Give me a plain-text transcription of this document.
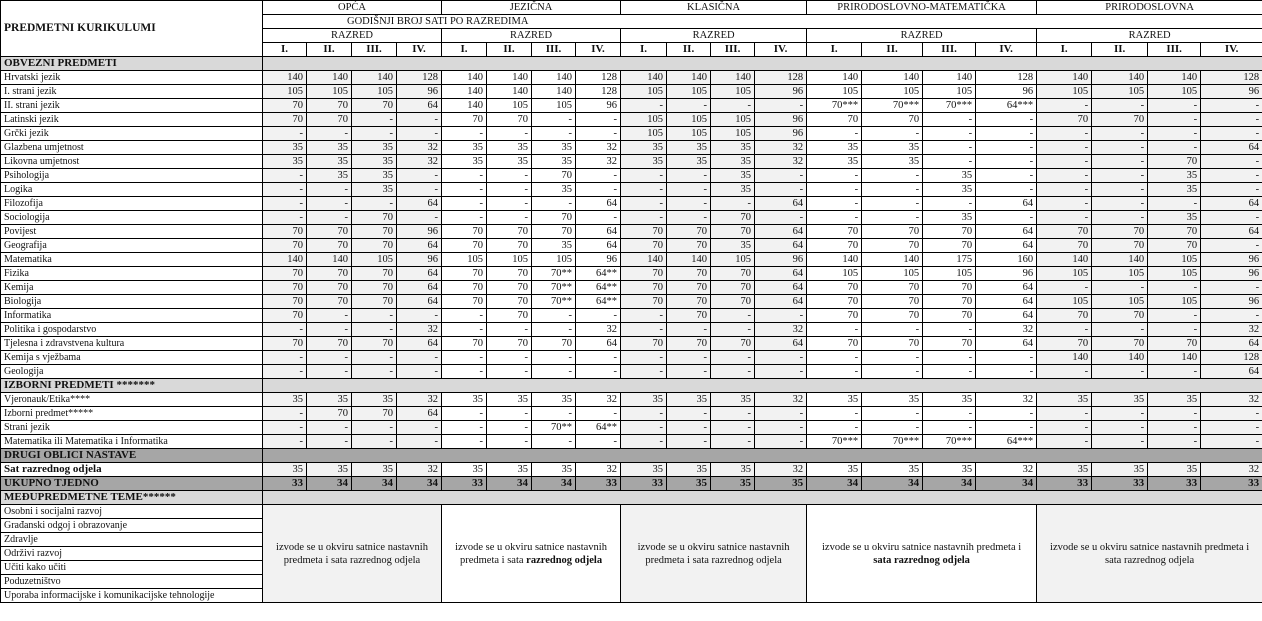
PREDMETNI KURIKULUMI	OPĆA				JEZIČNA				KLASIČNA				PRIRODOSLOVNO-MATEMATIČKA				PRIRODOSLOVNA			
	GODIŠNJI BROJ SATI PO RAZREDIMA																			
	RAZRED				RAZRED				RAZRED				RAZRED				RAZRED			
	I.	II.	III.	IV.	I.	II.	III.	IV.	I.	II.	III.	IV.	I.	II.	III.	IV.	I.	II.	III.	IV.
OBVEZNI PREDMETI																				
Hrvatski jezik	140	140	140	128	140	140	140	128	140	140	140	128	140	140	140	128	140	140	140	128
I. strani jezik	105	105	105	96	140	140	140	128	105	105	105	96	105	105	105	96	105	105	105	96
II. strani jezik	70	70	70	64	140	105	105	96	-	-	-	-	70***	70***	70***	64***	-	-	-	-
Latinski jezik	70	70	-	-	70	70	-	-	105	105	105	96	70	70	-	-	70	70	-	-
Grčki jezik	-	-	-	-	-	-	-	-	105	105	105	96	-	-	-	-	-	-	-	-
Glazbena umjetnost	35	35	35	32	35	35	35	32	35	35	35	32	35	35	-	-	-	-	-	64
Likovna umjetnost	35	35	35	32	35	35	35	32	35	35	35	32	35	35	-	-	-	-	70	-
Psihologija	-	35	35	-	-	-	70	-	-	-	35	-	-	-	35	-	-	-	35	-
Logika	-	-	35	-	-	-	35	-	-	-	35	-	-	-	35	-	-	-	35	-
Filozofija	-	-	-	64	-	-	-	64	-	-	-	64	-	-	-	64	-	-	-	64
Sociologija	-	-	70	-	-	-	70	-	-	-	70	-	-	-	35	-	-	-	35	-
Povijest	70	70	70	96	70	70	70	64	70	70	70	64	70	70	70	64	70	70	70	64
Geografija	70	70	70	64	70	70	35	64	70	70	35	64	70	70	70	64	70	70	70	-
Matematika	140	140	105	96	105	105	105	96	140	140	105	96	140	140	175	160	140	140	105	96
Fizika	70	70	70	64	70	70	70**	64**	70	70	70	64	105	105	105	96	105	105	105	96
Kemija	70	70	70	64	70	70	70**	64**	70	70	70	64	70	70	70	64	-	-	-	-
Biologija	70	70	70	64	70	70	70**	64**	70	70	70	64	70	70	70	64	105	105	105	96
Informatika	70	-	-	-	-	70	-	-	-	70	-	-	70	70	70	64	70	70	-	-
Politika i gospodarstvo	-	-	-	32	-	-	-	32	-	-	-	32	-	-	-	32	-	-	-	32
Tjelesna i zdravstvena kultura	70	70	70	64	70	70	70	64	70	70	70	64	70	70	70	64	70	70	70	64
Kemija s vježbama	-	-	-	-	-	-	-	-	-	-	-	-	-	-	-	-	140	140	140	128
Geologija	-	-	-	-	-	-	-	-	-	-	-	-	-	-	-	-	-	-	-	64
IZBORNI PREDMETI *******																				
Vjeronauk/Etika****	35	35	35	32	35	35	35	32	35	35	35	32	35	35	35	32	35	35	35	32
Izborni predmet*****	-	70	70	64	-	-	-	-	-	-	-	-	-	-	-	-	-	-	-	-
Strani jezik	-	-	-	-	-	-	70**	64**	-	-	-	-	-	-	-	-	-	-	-	-
Matematika ili Matematika i Informatika	-	-	-	-	-	-	-	-	-	-	-	-	70***	70***	70***	64***	-	-	-	-
DRUGI OBLICI NASTAVE																				
Sat razrednog odjela	35	35	35	32	35	35	35	32	35	35	35	32	35	35	35	32	35	35	35	32
UKUPNO TJEDNO	33	34	34	34	33	34	34	33	33	35	35	35	34	34	34	34	33	33	33	33
MEĐUPREDMETNE TEME******																				
Osobni i socijalni razvoj	izvode se u okviru satnice nastavnih predmeta i sata razrednog odjela				izvode se u okviru satnice nastavnih predmeta i sata razrednog odjela				izvode se u okviru satnice nastavnih predmeta i sata razrednog odjela				izvode se u okviru satnice nastavnih predmeta i sata razrednog odjela				izvode se u okviru satnice nastavnih predmeta i sata razrednog odjela			
Građanski odgoj i obrazovanje																				
Zdravlje																				
Održivi razvoj																				
Učiti kako učiti																				
Poduzetništvo																				
Uporaba informacijske i komunikacijske tehnologije																				
